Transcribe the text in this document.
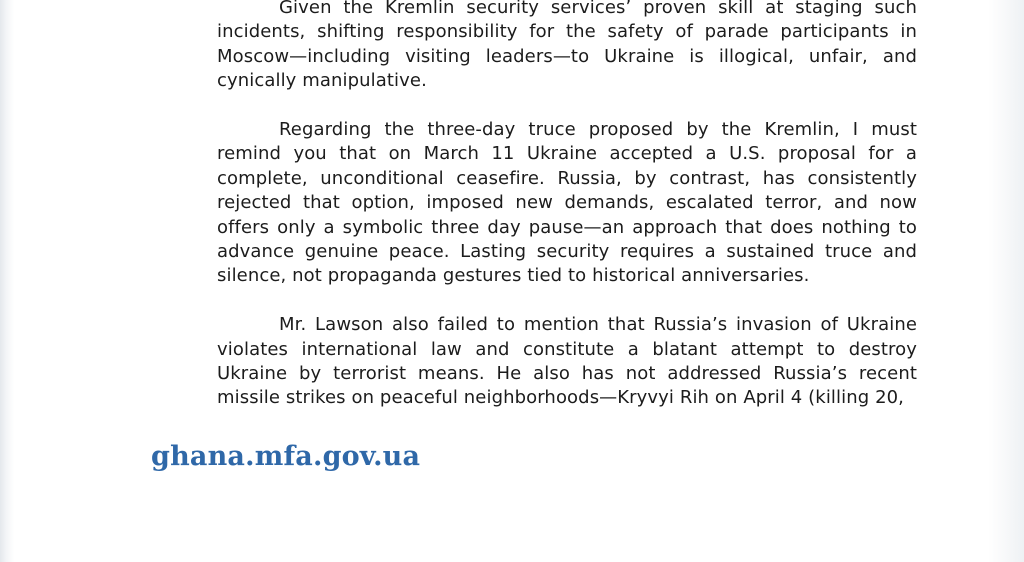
Given the Kremlin security services’ proven skill at staging such incidents, shifting responsibility for the safety of parade participants in Moscow—including visiting leaders—to Ukraine is illogical, unfair, and cynically manipulative.

Regarding the three-day truce proposed by the Kremlin, I must remind you that on March 11 Ukraine accepted a U.S. proposal for a complete, unconditional ceasefire. Russia, by contrast, has consistently rejected that option, imposed new demands, escalated terror, and now offers only a symbolic three day pause—an approach that does nothing to advance genuine peace. Lasting security requires a sustained truce and silence, not propaganda gestures tied to historical anniversaries.

Mr. Lawson also failed to mention that Russia’s invasion of Ukraine violates international law and constitute a blatant attempt to destroy Ukraine by terrorist means. He also has not addressed Russia’s recent missile strikes on peaceful neighborhoods—Kryvyi Rih on April 4 (killing 20,

ghana.mfa.gov.ua
